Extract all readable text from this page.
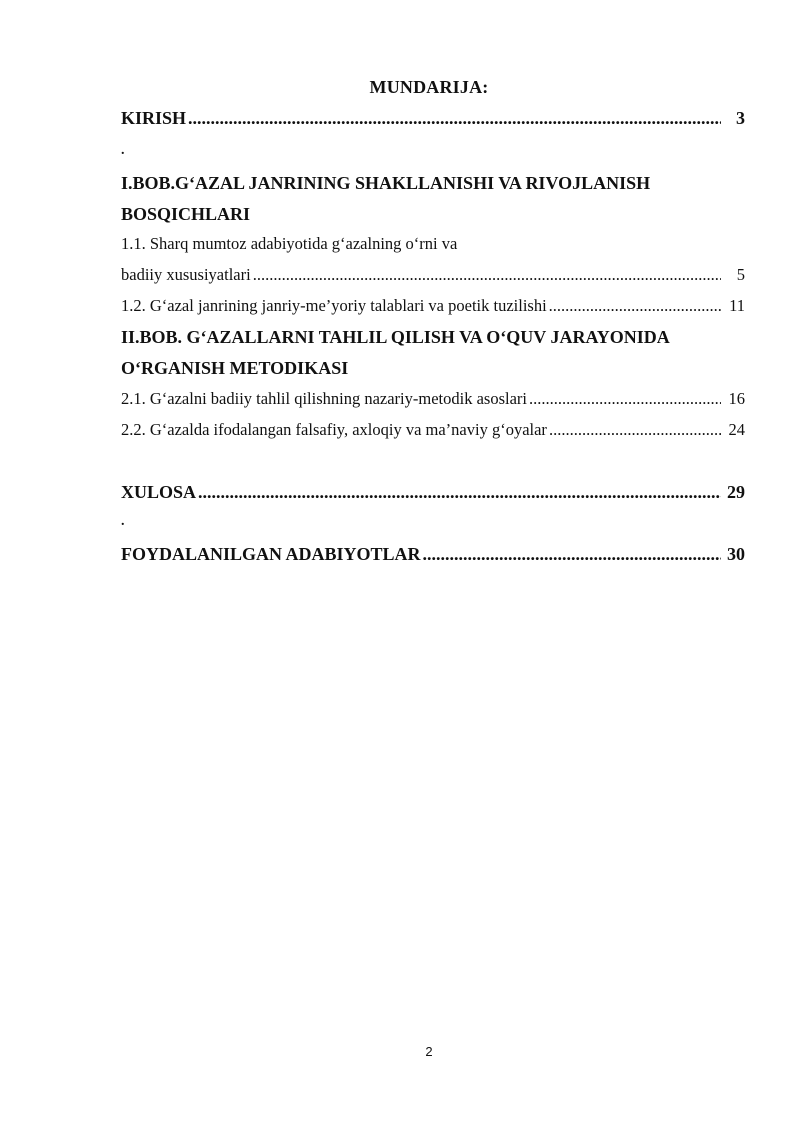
MUNDARIJA:
KIRISH .....	3
.
I.BOB.G‘AZAL JANRINING SHAKLLANISHI VA RIVOJLANISH
BOSQICHLARI
1.1. Sharq mumtoz adabiyotida g‘azalning o‘rni va
badiiy xususiyatlari .....	5
1.2. G‘azal janrining janriy-me’yoriy talablari va poetik tuzilishi .....	11
II.BOB. G‘AZALLARNI TAHLIL QILISH VA O‘QUV JARAYONIDA
O‘RGANISH METODIKASI
2.1. G‘azalni badiiy tahlil qilishning nazariy-metodik asoslari .....	16
2.2. G‘azalda ifodalangan falsafiy, axloqiy va ma’naviy g‘oyalar .....	24
XULOSA .....	29
.
FOYDALANILGAN ADABIYOTLAR .....	30
2
